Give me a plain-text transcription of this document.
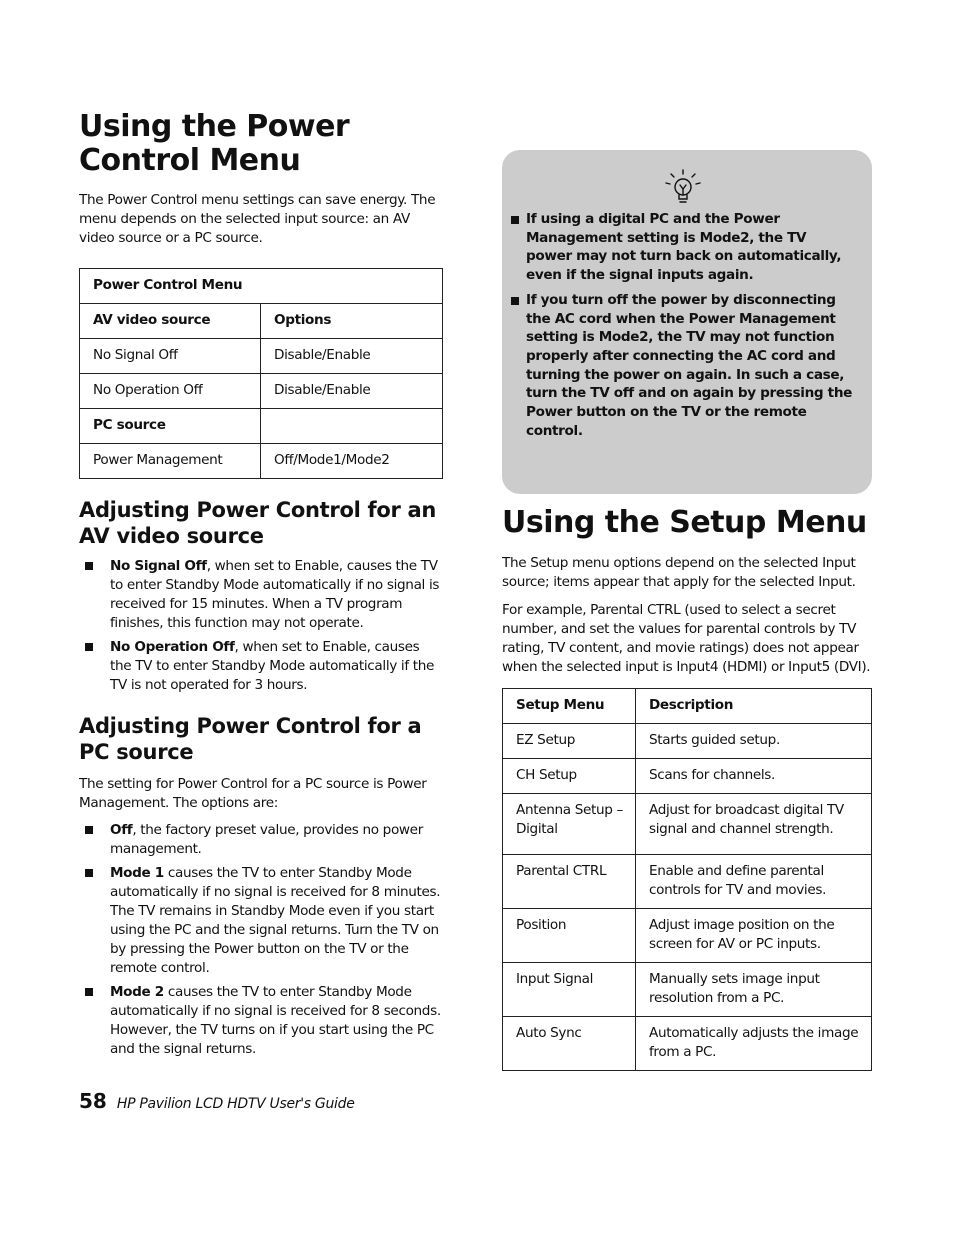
Using the Power Control Menu

The Power Control menu settings can save energy. The menu depends on the selected input source: an AV video source or a PC source.

Power Control Menu	
AV video source	Options
No Signal Off	Disable/Enable
No Operation Off	Disable/Enable
PC source	
Power Management	Off/Mode1/Mode2
Adjusting Power Control for an AV video source
No Signal Off, when set to Enable, causes the TV to enter Standby Mode automatically if no signal is received for 15 minutes. When a TV program finishes, this function may not operate.
No Operation Off, when set to Enable, causes the TV to enter Standby Mode automatically if the TV is not operated for 3 hours.
Adjusting Power Control for a PC source

The setting for Power Control for a PC source is Power Management. The options are:

Off, the factory preset value, provides no power management.
Mode 1 causes the TV to enter Standby Mode automatically if no signal is received for 8 minutes. The TV remains in Standby Mode even if you start using the PC and the signal returns. Turn the TV on by pressing the Power button on the TV or the remote control.
Mode 2 causes the TV to enter Standby Mode automatically if no signal is received for 8 seconds. However, the TV turns on if you start using the PC and the signal returns.
If using a digital PC and the Power Management setting is Mode2, the TV power may not turn back on automatically, even if the signal inputs again.
If you turn off the power by disconnecting the AC cord when the Power Management setting is Mode2, the TV may not function properly after connecting the AC cord and turning the power on again. In such a case, turn the TV off and on again by pressing the Power button on the TV or the remote control.
Using the Setup Menu

The Setup menu options depend on the selected Input source; items appear that apply for the selected Input.

For example, Parental CTRL (used to select a secret number, and set the values for parental controls by TV rating, TV content, and movie ratings) does not appear when the selected input is Input4 (HDMI) or Input5 (DVI).

Setup Menu	Description
EZ Setup	Starts guided setup.
CH Setup	Scans for channels.
Antenna Setup – Digital	Adjust for broadcast digital TV signal and channel strength.
Parental CTRL	Enable and define parental controls for TV and movies.
Position	Adjust image position on the screen for AV or PC inputs.
Input Signal	Manually sets image input resolution from a PC.
Auto Sync	Automatically adjusts the image from a PC.
58 HP Pavilion LCD HDTV User's Guide
